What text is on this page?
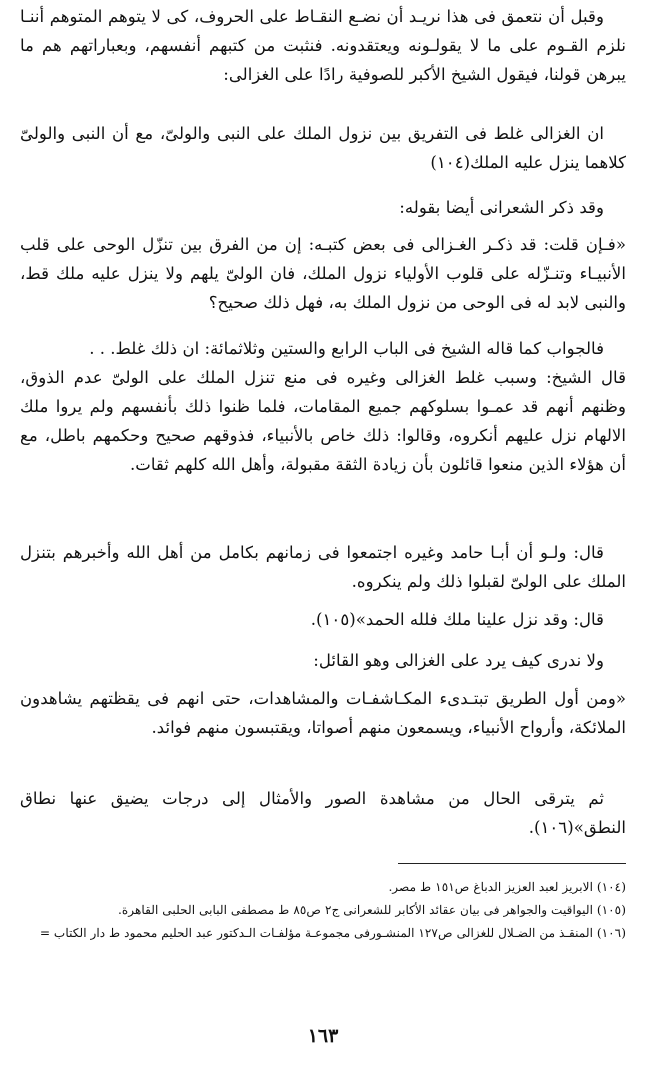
وقبل أن نتعمق فى هذا نريـد أن نضـع النقـاط على الحروف، كى لا يتوهم المتوهم أننـا نلزم القـوم على ما لا يقولـونه ويعتقدونه. فنثبت من كتبهم أنفسهم، وبعباراتهم هم ما يبرهن قولنا، فيقول الشيخ الأكبر للصوفية رادًا على الغزالى:

ان الغزالى غلط فى التفريق بين نزول الملك على النبى والولىّ، مع أن النبى والولىّ كلاهما ينزل عليه الملك(١٠٤)

وقد ذكر الشعرانى أيضا بقوله:

«فـإن قلت: قد ذكـر الغـزالى فى بعض كتبـه: إن من الفرق بين تنزّل الوحى على قلب الأنبيـاء وتنـزّله على قلوب الأولياء نزول الملك، فان الولىّ يلهم ولا ينزل عليه ملك قط، والنبى لابد له فى الوحى من نزول الملك به، فهل ذلك صحيح؟

فالجواب كما قاله الشيخ فى الباب الرابع والستين وثلاثمائة: ان ذلك غلط. . .

قال الشيخ: وسبب غلط الغزالى وغيره فى منع تنزل الملك على الولىّ عدم الذوق، وظنهم أنهم قد عمـوا بسلوكهم جميع المقامات، فلما ظنوا ذلك بأنفسهم ولم يروا ملك الالهام نزل عليهم أنكروه، وقالوا: ذلك خاص بالأنبياء، فذوقهم صحيح وحكمهم باطل، مع أن هؤلاء الذين منعوا قائلون بأن زيادة الثقة مقبولة، وأهل الله كلهم ثقات.

قال: ولـو أن أبـا حامد وغيره اجتمعوا فى زمانهم بكامل من أهل الله وأخبرهم بتنزل الملك على الولىّ لقبلوا ذلك ولم ينكروه.

قال: وقد نزل علينا ملك فلله الحمد»(١٠٥).

ولا ندرى كيف يرد على الغزالى وهو القائل:

«ومن أول الطريق تبتـدىء المكـاشفـات والمشاهدات، حتى انهم فى يقظتهم يشاهدون الملائكة، وأرواح الأنبياء، ويسمعون منهم أصواتا، ويقتبسون منهم فوائد.

ثم يترقى الحال من مشاهدة الصور والأمثال إلى درجات يضيق عنها نطاق النطق»(١٠٦).

(١٠٤) الابريز لعبد العزيز الدباغ ص١٥١ ط مصر.

(١٠٥) اليواقيت والجواهر فى بيان عقائد الأكابر للشعرانى ج٢ ص٨٥ ط مصطفى البابى الحلبى القاهرة.

(١٠٦) المنقـذ من الضـلال للغزالى ص١٢٧ المنشـورفى مجموعـة مؤلفـات الـدكتور عبد الحليم محمود ط دار الكتاب =

١٦٣
